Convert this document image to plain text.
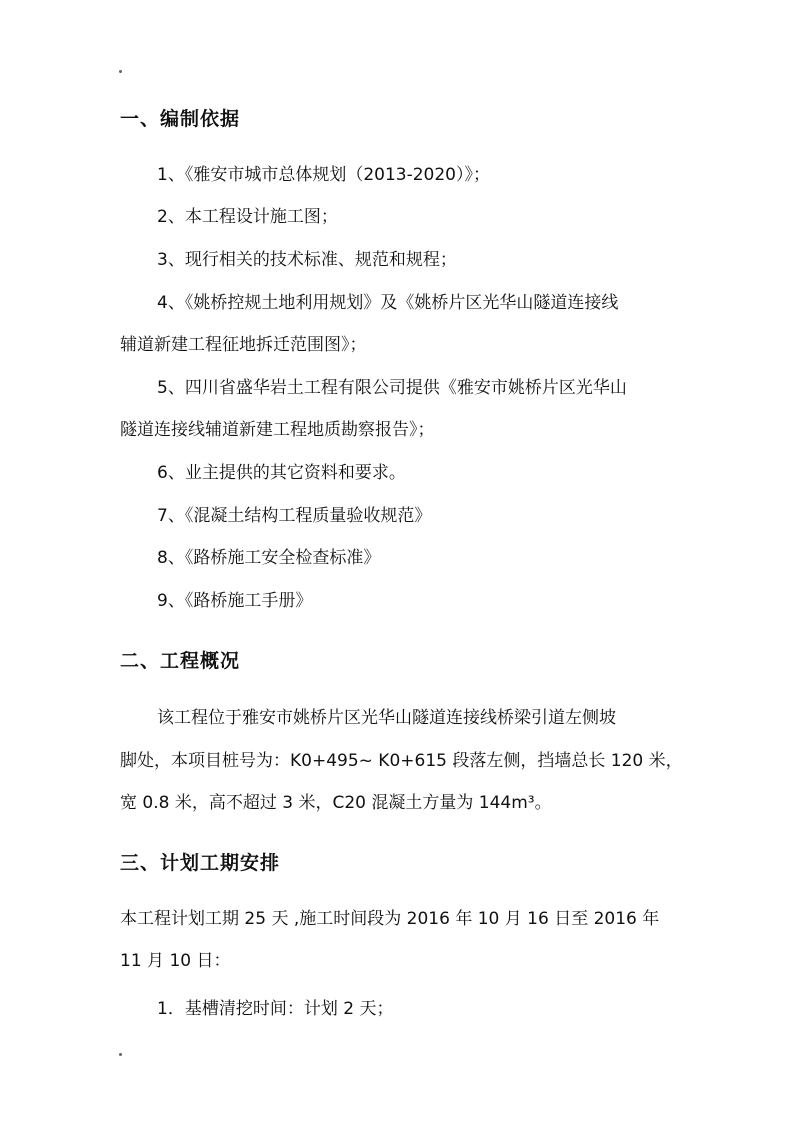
一、编制依据
1、《雅安市城市总体规划（2013-2020）》；
2、本工程设计施工图；
3、现行相关的技术标准、规范和规程；
4、《姚桥控规土地利用规划》及《姚桥片区光华山隧道连接线
辅道新建工程征地拆迁范围图》；
5、四川省盛华岩土工程有限公司提供《雅安市姚桥片区光华山
隧道连接线辅道新建工程地质勘察报告》；
6、业主提供的其它资料和要求。
7、《混凝土结构工程质量验收规范》
8、《路桥施工安全检查标准》
9、《路桥施工手册》
二、工程概况
该工程位于雅安市姚桥片区光华山隧道连接线桥梁引道左侧坡
脚处，本项目桩号为：K0+495~ K0+615 段落左侧，挡墙总长 120 米，
宽 0.8 米，高不超过 3 米，C20 混凝土方量为 144m³。
三、计划工期安排
本工程计划工期 25 天 ,施工时间段为 2016 年 10 月 16 日至 2016 年
11 月 10 日：
1．基槽清挖时间：计划 2 天；
